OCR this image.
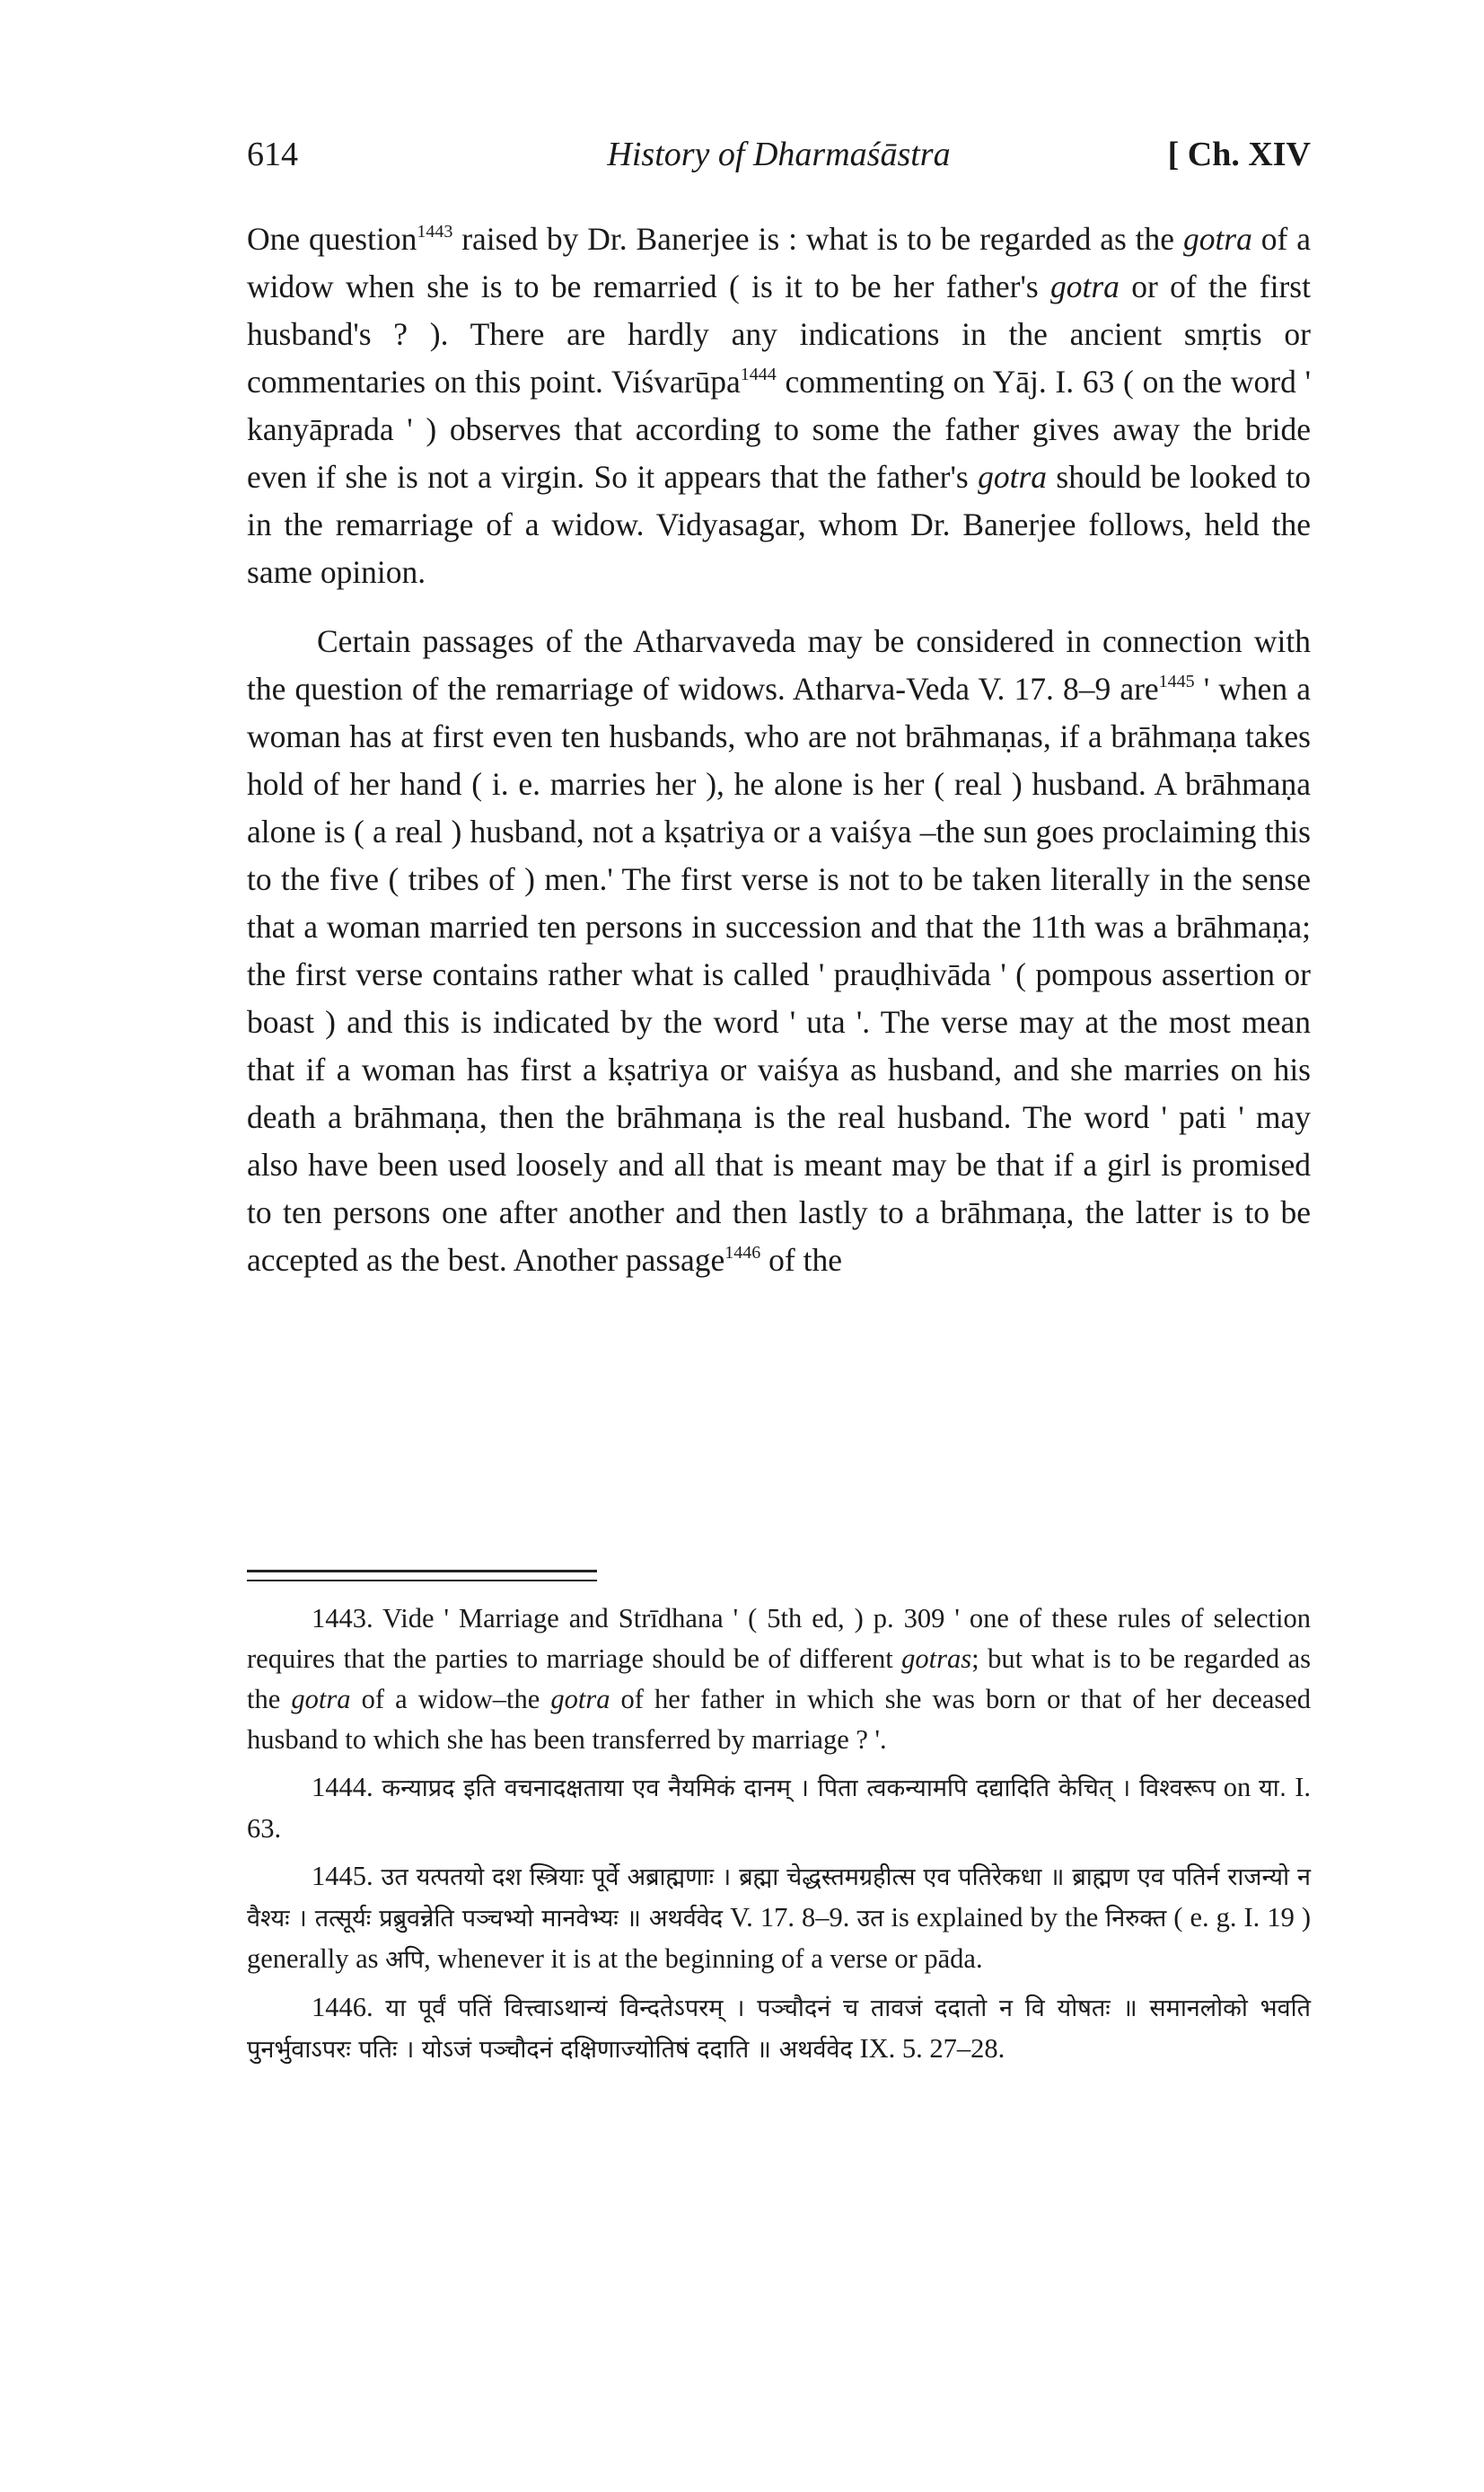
614	History of Dharmaśāstra	[ Ch. XIV

One question$^{1443}$ raised by Dr. Banerjee is : what is to be regarded as the gotra of a widow when she is to be remarried ( is it to be her father's gotra or of the first husband's ? ). There are hardly any indications in the ancient smṛtis or commentaries on this point. Viśvarūpa$^{1444}$ commenting on Yāj. I. 63 ( on the word ' kanyāprada ' ) observes that according to some the father gives away the bride even if she is not a virgin. So it appears that the father's gotra should be looked to in the remarriage of a widow. Vidyasagar, whom Dr. Banerjee follows, held the same opinion.

Certain passages of the Atharvaveda may be considered in connection with the question of the remarriage of widows. Atharva-Veda V. 17. 8–9 are$^{1445}$ ' when a woman has at first even ten husbands, who are not brāhmaṇas, if a brāhmaṇa takes hold of her hand ( i. e. marries her ), he alone is her ( real ) husband. A brāhmaṇa alone is ( a real ) husband, not a kṣatriya or a vaiśya –the sun goes proclaiming this to the five ( tribes of ) men.' The first verse is not to be taken literally in the sense that a woman married ten persons in succession and that the 11th was a brāhmaṇa; the first verse contains rather what is called ' prauḍhivāda ' ( pompous assertion or boast ) and this is indicated by the word ' uta '. The verse may at the most mean that if a woman has first a kṣatriya or vaiśya as husband, and she marries on his death a brāhmaṇa, then the brāhmaṇa is the real husband. The word ' pati ' may also have been used loosely and all that is meant may be that if a girl is promised to ten persons one after another and then lastly to a brāhmaṇa, the latter is to be accepted as the best. Another passage$^{1446}$ of the

1443. Vide ' Marriage and Strīdhana ' ( 5th ed, ) p. 309 ' one of these rules of selection requires that the parties to marriage should be of different gotras; but what is to be regarded as the gotra of a widow–the gotra of her father in which she was born or that of her deceased husband to which she has been transferred by marriage ? '.

1444. कन्याप्रद इति वचनादक्षताया एव नैयमिकं दानम् । पिता त्वकन्यामपि दद्यादिति केचित् । विश्वरूप on या. I. 63.

1445. उत यत्पतयो दश स्त्रियाः पूर्वे अब्राह्मणाः । ब्रह्मा चेद्धस्तमग्रहीत्स एव पतिरेकधा ॥ ब्राह्मण एव पतिर्न राजन्यो न वैश्यः । तत्सूर्यः प्रब्रुवन्नेति पञ्चभ्यो मानवेभ्यः ॥ अथर्ववेद V. 17. 8–9. उत is explained by the निरुक्त ( e. g. I. 19 ) generally as अपि, whenever it is at the beginning of a verse or pāda.

1446. या पूर्वं पतिं वित्त्वाऽथान्यं विन्दतेऽपरम् । पञ्चौदनं च तावजं ददातो न वि योषतः ॥ समानलोको भवति पुनर्भुवाऽपरः पतिः । योऽजं पञ्चौदनं दक्षिणाज्योतिषं ददाति ॥ अथर्ववेद IX. 5. 27–28.
